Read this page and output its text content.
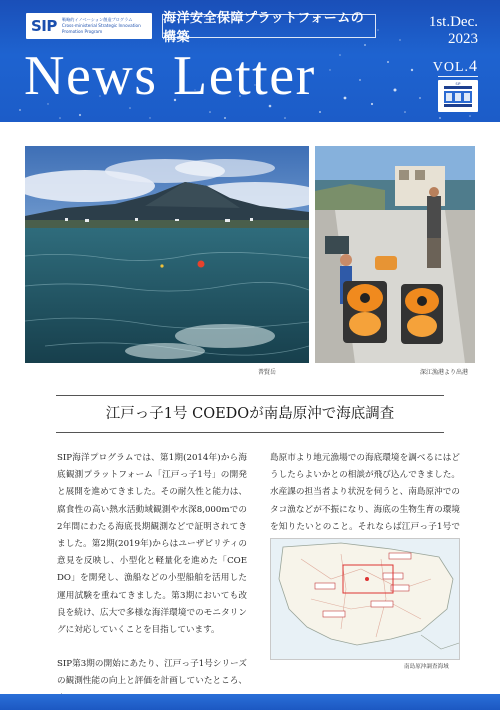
SIP 戦略的イノベーション創造プログラム
Cross-ministerial Strategic Innovation Promotion Program
海洋安全保障プラットフォームの構築
News Letter
1st.Dec.
2023
VOL.4
SIP
普賢岳	深江漁港より出港
江戸っ子1号 COEDOが南島原沖で海底調査

SIP海洋プログラムでは、第1期(2014年)から海底観測プラットフォーム「江戸っ子1号」の開発と展開を進めてきました。その耐久性と能力は、腐食性の高い熱水活動域観測や水深8,000mでの2年間にわたる海底長期観測などで証明されてきました。第2期(2019年)からはユーザビリティの意見を反映し、小型化と軽量化を進めた「COEDO」を開発し、漁船などの小型船舶を活用した運用試験を重ねてきました。第3期においても改良を続け、広大で多様な海洋環境でのモニタリングに対応していくことを目指しています。

SIP第3期の開始にあたり、江戸っ子1号シリーズの観測性能の向上と評価を計画していたところ、

島原市より地元漁場での海底環境を調べるにはどうしたらよいかとの相談が飛び込んできました。水産課の担当者より状況を伺うと、南島原沖でのタコ漁などが不振になり、海底の生物生育の環境を知りたいとのこと。それならば江戸っ子1号で

南島原沖調査海域
